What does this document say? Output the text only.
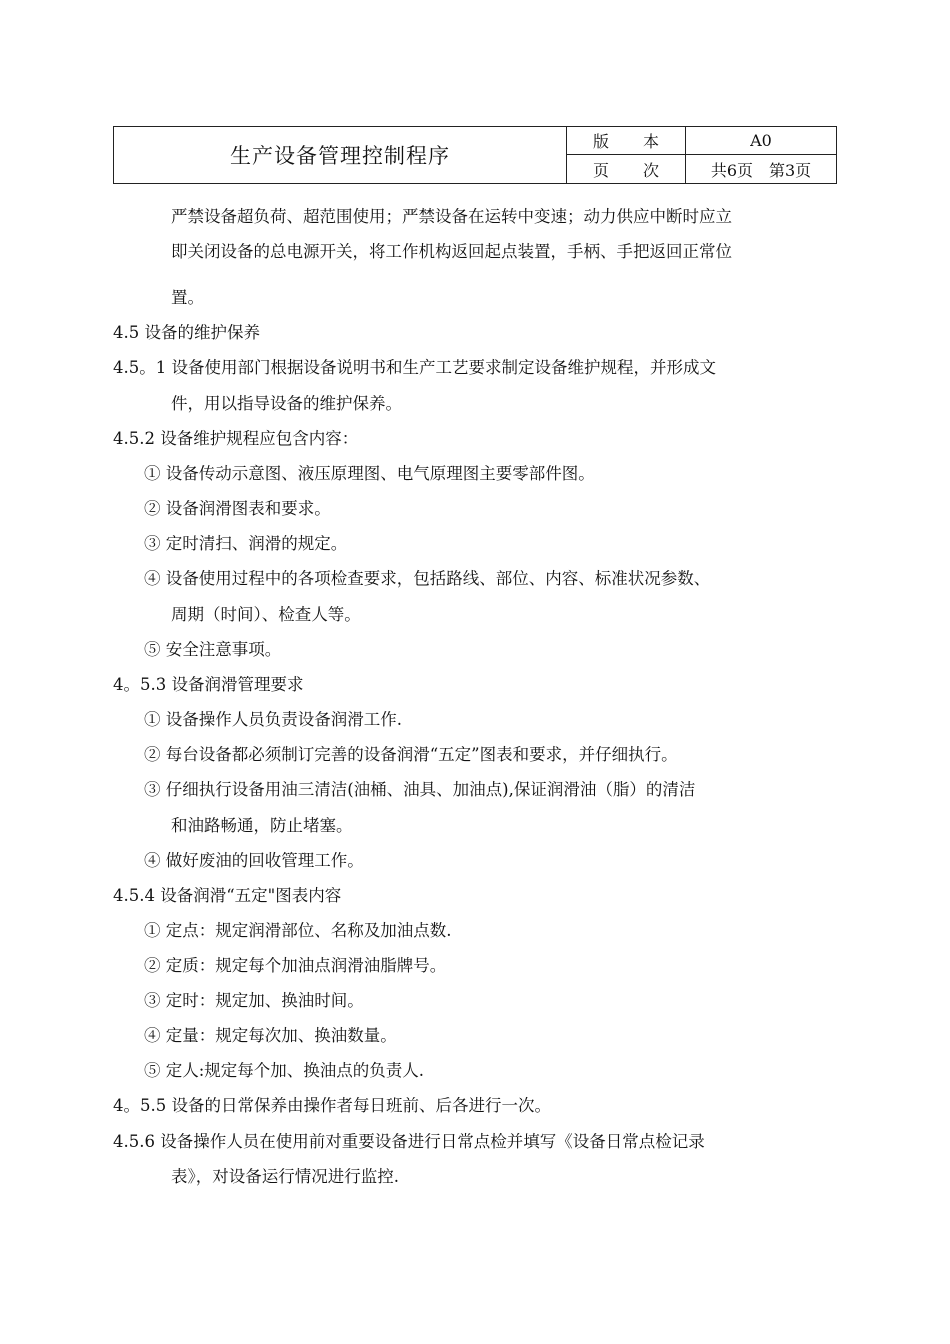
生产设备管理控制程序
版 本	A0
页 次	共6页　第3页
严禁设备超负荷、超范围使用；严禁设备在运转中变速；动力供应中断时应立
即关闭设备的总电源开关，将工作机构返回起点装置，手柄、手把返回正常位
置。
4.5 设备的维护保养
4.5。1 设备使用部门根据设备说明书和生产工艺要求制定设备维护规程，并形成文
件，用以指导设备的维护保养。
4.5.2 设备维护规程应包含内容：
① 设备传动示意图、液压原理图、电气原理图主要零部件图。
② 设备润滑图表和要求。
③ 定时清扫、润滑的规定。
④ 设备使用过程中的各项检查要求，包括路线、部位、内容、标准状况参数、
周期（时间）、检查人等。
⑤ 安全注意事项。
4。5.3 设备润滑管理要求
① 设备操作人员负责设备润滑工作.
② 每台设备都必须制订完善的设备润滑“五定”图表和要求，并仔细执行。
③ 仔细执行设备用油三清洁(油桶、油具、加油点),保证润滑油（脂）的清洁
和油路畅通，防止堵塞。
④ 做好废油的回收管理工作。
4.5.4 设备润滑“五定"图表内容
① 定点：规定润滑部位、名称及加油点数.
② 定质：规定每个加油点润滑油脂牌号。
③ 定时：规定加、换油时间。
④ 定量：规定每次加、换油数量。
⑤ 定人:规定每个加、换油点的负责人.
4。5.5 设备的日常保养由操作者每日班前、后各进行一次。
4.5.6 设备操作人员在使用前对重要设备进行日常点检并填写《设备日常点检记录
表》，对设备运行情况进行监控.
